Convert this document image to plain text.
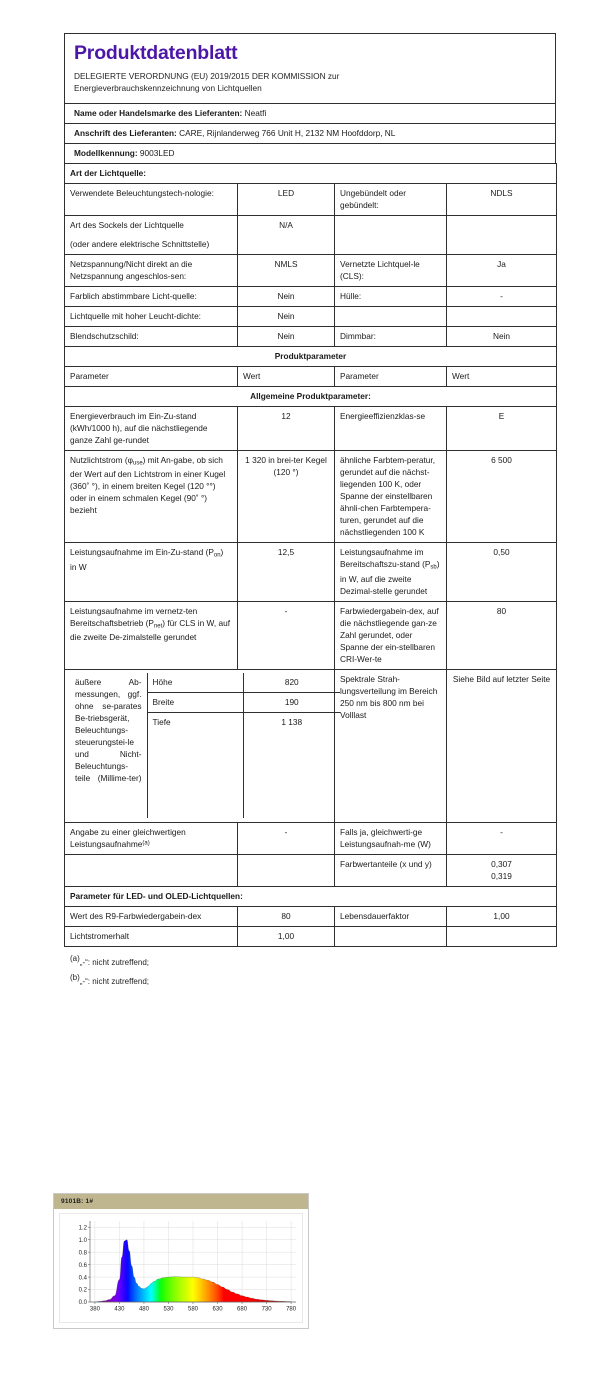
Produktdatenblatt
DELEGIERTE VERORDNUNG (EU) 2019/2015 DER KOMMISSION zur
Energieverbrauchskennzeichnung von Lichtquellen
Name oder Handelsmarke des Lieferanten: Neatfi
Anschrift des Lieferanten: CARE, Rijnlanderweg 766 Unit H, 2132 NM Hoofddorp, NL
Modellkennung: 9003LED
Art der Lichtquelle:
Verwendete Beleuchtungstech-nologie:	LED	Ungebündelt oder gebündelt:	NDLS

Art des Sockels der Lichtquelle
(oder andere elektrische Schnittstelle)
	N/A		
Netzspannung/Nicht direkt an die Netzspannung angeschlos-sen:	NMLS	Vernetzte Lichtquel-le (CLS):	Ja
Farblich abstimmbare Licht-quelle:	Nein	Hülle:	-
Lichtquelle mit hoher Leucht-dichte:	Nein		
Blendschutzschild:	Nein	Dimmbar:	Nein
Produktparameter
Parameter	Wert	Parameter	Wert
Allgemeine Produktparameter:
Energieverbrauch im Ein-Zu-stand (kWh/1000 h), auf die nächstliegende ganze Zahl ge-rundet	12	Energieeffizienzklas-se	E
Nutzlichtstrom $(\varphi_{use})$ mit An-gabe, ob sich der Wert auf den Lichtstrom in einer Kugel (360˚ °), in einem breiten Kegel (120 °°) oder in einem schmalen Kegel (90˚ °) bezieht	1 320 in brei-ter Kegel (120 °)	ähnliche Farbtem-peratur, gerundet auf die nächst-liegenden 100 K, oder Spanne der einstellbaren ähnli-chen Farbtempera-turen, gerundet auf die nächstliegenden 100 K	6 500
Leistungsaufnahme im Ein-Zu-stand $(P_{on})$ in W	12,5	Leistungsaufnahme im Bereitschaftszu-stand $(P_{sb})$ in W, auf die zweite Dezimal-stelle gerundet	0,50
Leistungsaufnahme im vernetz-ten Bereitschaftsbetrieb $(P_{net})$ für CLS in W, auf die zweite De-zimalstelle gerundet	-	Farbwiedergabein-dex, auf die nächstliegende gan-ze Zahl gerundet, oder Spanne der ein-stellbaren CRI-Wer-te	80

äußere Ab-messungen, ggf. ohne se-parates Be-triebsgerät, Beleuchtungs-steuerungstei-le und Nicht-Beleuchtungs-teile (Millime-ter)	Höhe	820
Breite	190
Tiefe	1 138

	Spektrale Strah-lungsverteilung im Bereich 250 nm bis 800 nm bei Volllast	Siehe Bild auf letzter Seite
Angabe zu einer gleichwertigen Leistungsaufnahme$^{(a)}$	-	Falls ja, gleichwerti-ge Leistungsaufnah-me (W)	-
		Farbwertanteile (x und y)	0,307
0,319

Parameter für LED- und OLED-Lichtquellen:
Wert des R9-Farbwiedergabein-dex	80	Lebensdauerfaktor	1,00
Lichtstromerhalt	1,00		
$^{(a)}$„-“: nicht zutreffend;
$^{(b)}$„-“: nicht zutreffend;
9101B: 1#
0.0
0.2
0.4
0.6
0.8
1.0
1.2
380 430 480 530 580 630 680 730 780
